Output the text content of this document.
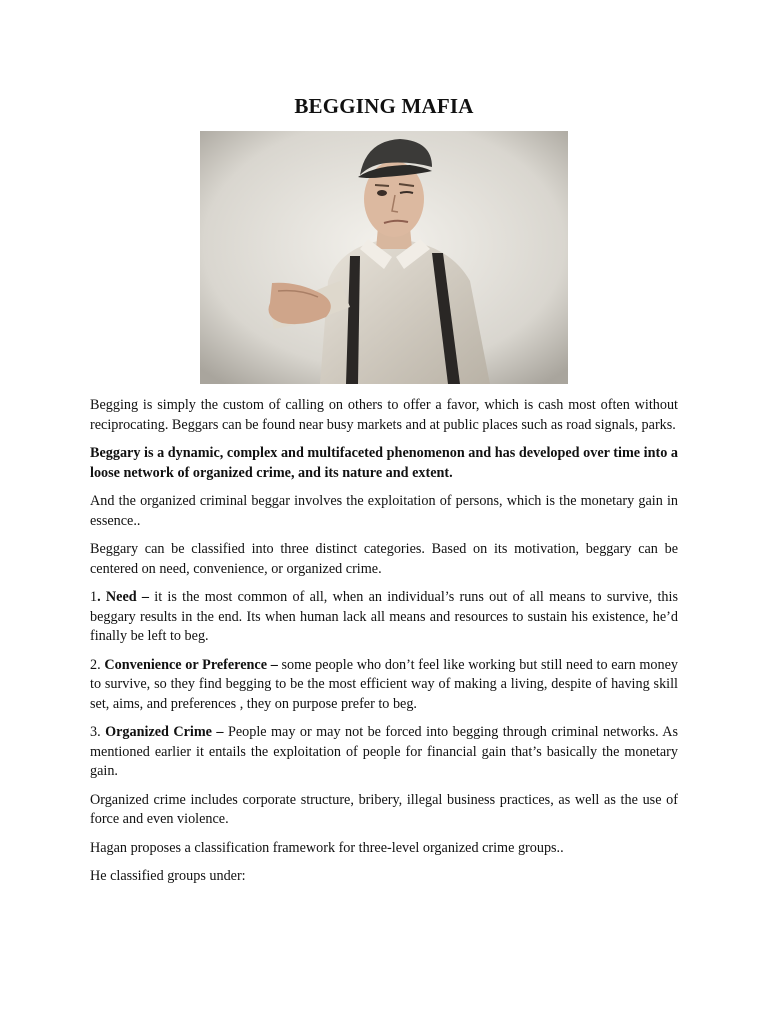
BEGGING MAFIA

Begging is simply the custom of calling on others to offer a favor, which is cash most often without reciprocating. Beggars can be found near busy markets and at public places such as road signals, parks.

Beggary is a dynamic, complex and multifaceted phenomenon and has developed over time into a loose network of organized crime, and its nature and extent.

And the organized criminal beggar involves the exploitation of persons, which is the monetary gain in essence..

Beggary can be classified into three distinct categories. Based on its motivation, beggary can be centered on need, convenience, or organized crime.

1. Need – it is the most common of all, when an individual’s runs out of all means to survive, this beggary results in the end. Its when human lack all means and resources to sustain his existence, he’d finally be left to beg.

2. Convenience or Preference – some people who don’t feel like working but still need to earn money to survive, so they find begging to be the most efficient way of making a living, despite of having skill set, aims, and preferences , they on purpose prefer to beg.

3. Organized Crime – People may or may not be forced into begging through criminal networks. As mentioned earlier it entails the exploitation of people for financial gain that’s basically the monetary gain.

Organized crime includes corporate structure, bribery, illegal business practices, as well as the use of force and even violence.

Hagan proposes a classification framework for three-level organized crime groups..

He classified groups under:
